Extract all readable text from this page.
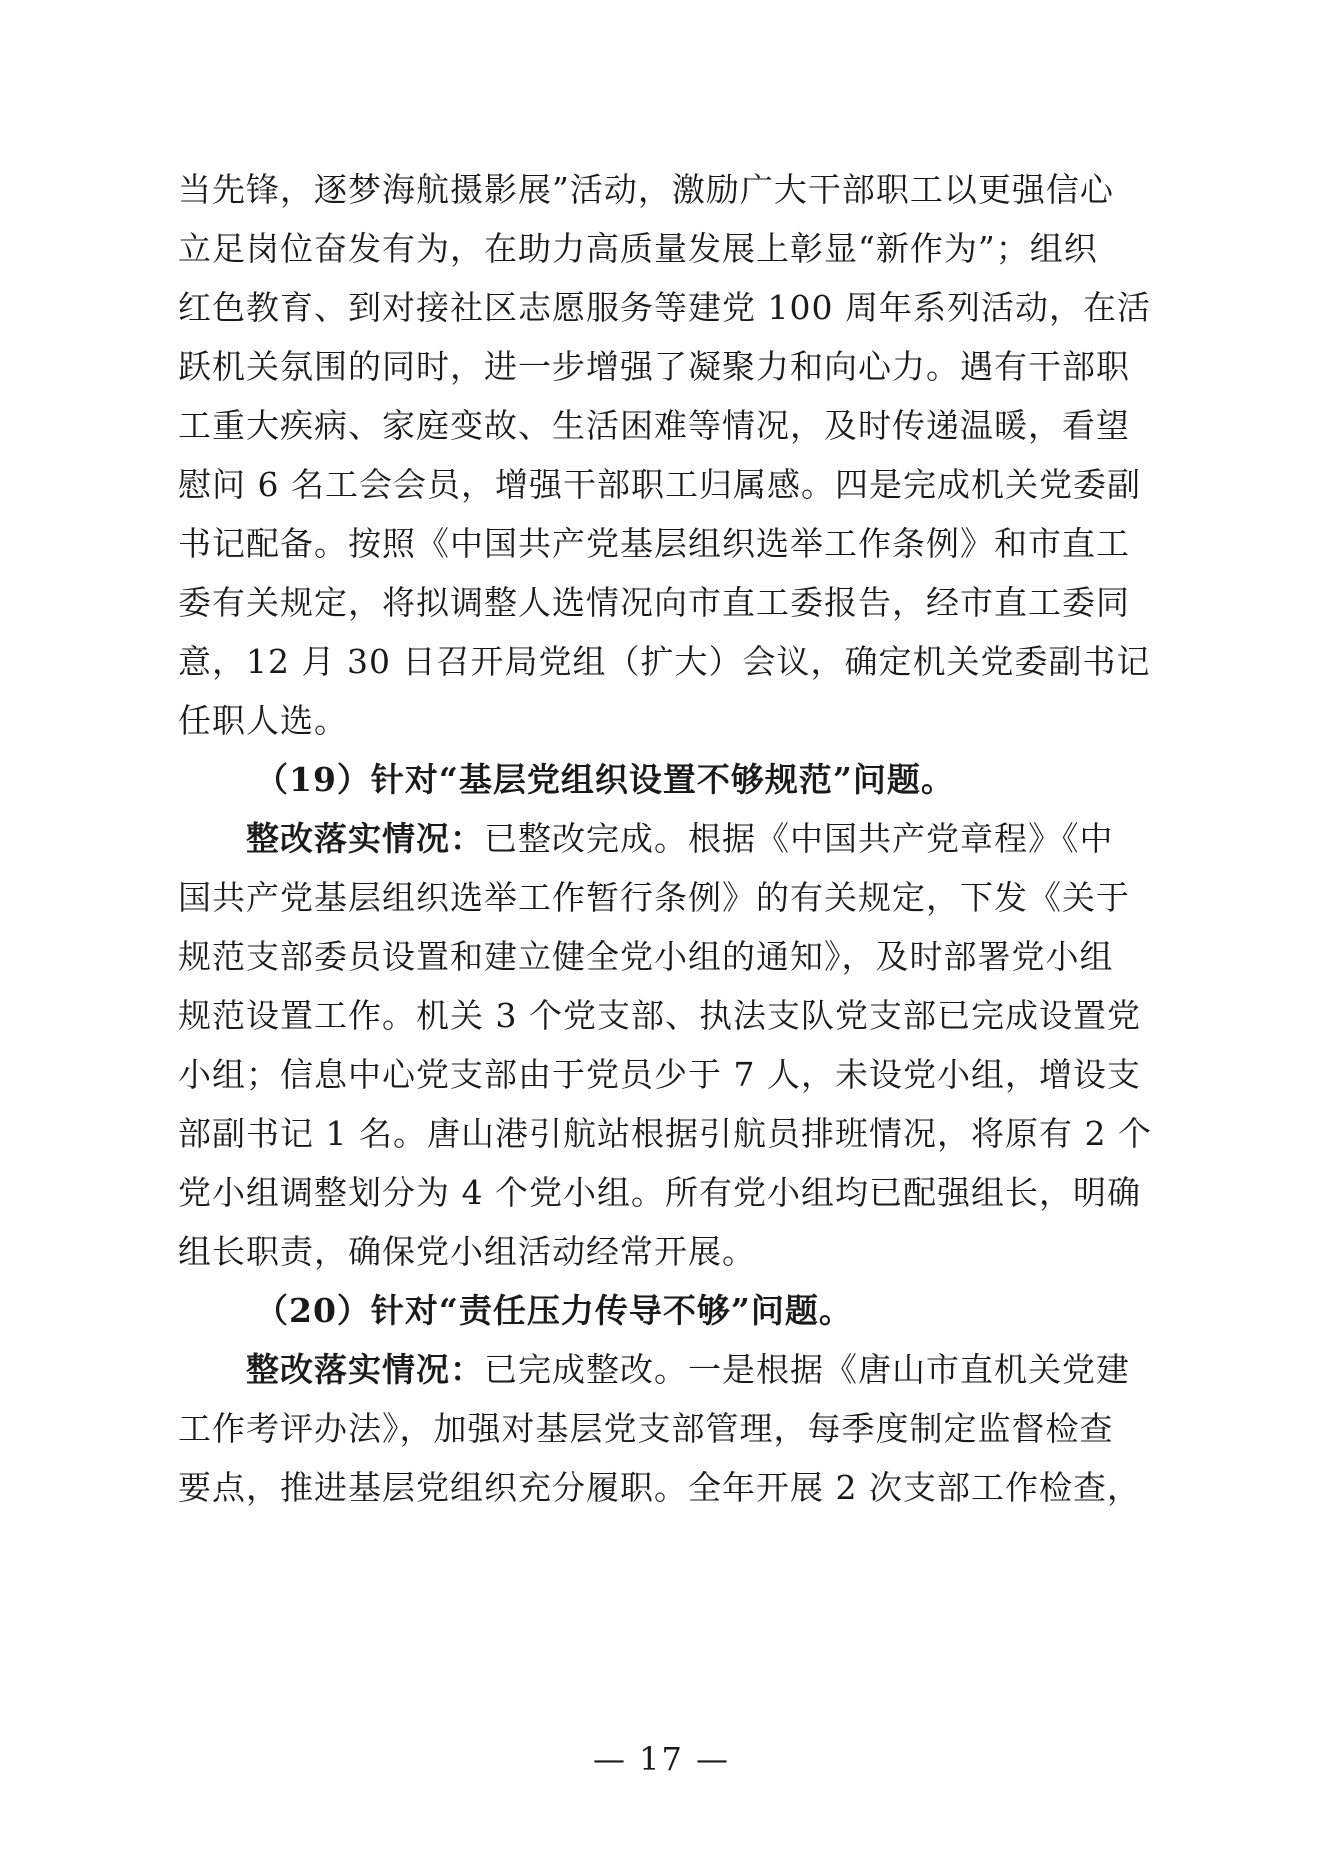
当先锋，逐梦海航摄影展”活动，激励广大干部职工以更强信心
立足岗位奋发有为，在助力高质量发展上彰显“新作为”；组织
红色教育、到对接社区志愿服务等建党 100 周年系列活动，在活
跃机关氛围的同时，进一步增强了凝聚力和向心力。遇有干部职
工重大疾病、家庭变故、生活困难等情况，及时传递温暖，看望
慰问 6 名工会会员，增强干部职工归属感。四是完成机关党委副
书记配备。按照《中国共产党基层组织选举工作条例》和市直工
委有关规定，将拟调整人选情况向市直工委报告，经市直工委同
意，12 月 30 日召开局党组（扩大）会议，确定机关党委副书记
任职人选。
（19）针对“基层党组织设置不够规范”问题。
整改落实情况：已整改完成。根据《中国共产党章程》《中
国共产党基层组织选举工作暂行条例》的有关规定，下发《关于
规范支部委员设置和建立健全党小组的通知》，及时部署党小组
规范设置工作。机关 3 个党支部、执法支队党支部已完成设置党
小组；信息中心党支部由于党员少于 7 人，未设党小组，增设支
部副书记 1 名。唐山港引航站根据引航员排班情况，将原有 2 个
党小组调整划分为 4 个党小组。所有党小组均已配强组长，明确
组长职责，确保党小组活动经常开展。
（20）针对“责任压力传导不够”问题。
整改落实情况：已完成整改。一是根据《唐山市直机关党建
工作考评办法》，加强对基层党支部管理，每季度制定监督检查
要点，推进基层党组织充分履职。全年开展 2 次支部工作检查，
— 17 —
